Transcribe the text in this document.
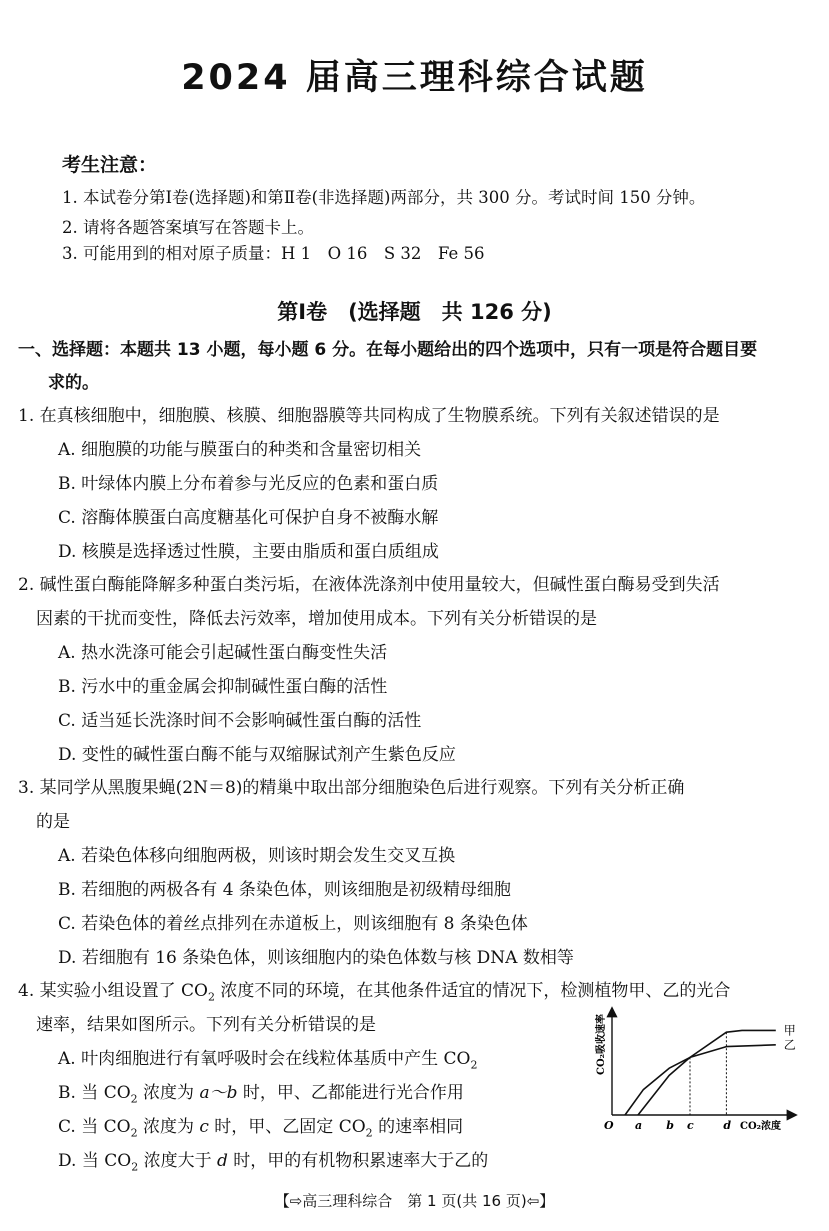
2024 届高三理科综合试题
考生注意：
1. 本试卷分第Ⅰ卷(选择题)和第Ⅱ卷(非选择题)两部分，共 300 分。考试时间 150 分钟。
2. 请将各题答案填写在答题卡上。
3. 可能用到的相对原子质量：H 1　O 16　S 32　Fe 56
第Ⅰ卷　(选择题　共 126 分)
一、选择题：本题共 13 小题，每小题 6 分。在每小题给出的四个选项中，只有一项是符合题目要
求的。
1. 在真核细胞中，细胞膜、核膜、细胞器膜等共同构成了生物膜系统。下列有关叙述错误的是
A. 细胞膜的功能与膜蛋白的种类和含量密切相关
B. 叶绿体内膜上分布着参与光反应的色素和蛋白质
C. 溶酶体膜蛋白高度糖基化可保护自身不被酶水解
D. 核膜是选择透过性膜，主要由脂质和蛋白质组成
2. 碱性蛋白酶能降解多种蛋白类污垢，在液体洗涤剂中使用量较大，但碱性蛋白酶易受到失活
因素的干扰而变性，降低去污效率，增加使用成本。下列有关分析错误的是
A. 热水洗涤可能会引起碱性蛋白酶变性失活
B. 污水中的重金属会抑制碱性蛋白酶的活性
C. 适当延长洗涤时间不会影响碱性蛋白酶的活性
D. 变性的碱性蛋白酶不能与双缩脲试剂产生紫色反应
3. 某同学从黑腹果蝇(2N＝8)的精巢中取出部分细胞染色后进行观察。下列有关分析正确
的是
A. 若染色体移向细胞两极，则该时期会发生交叉互换
B. 若细胞的两极各有 4 条染色体，则该细胞是初级精母细胞
C. 若染色体的着丝点排列在赤道板上，则该细胞有 8 条染色体
D. 若细胞有 16 条染色体，则该细胞内的染色体数与核 DNA 数相等
4. 某实验小组设置了 $CO_2$ 浓度不同的环境，在其他条件适宜的情况下，检测植物甲、乙的光合
速率，结果如图所示。下列有关分析错误的是
A. 叶肉细胞进行有氧呼吸时会在线粒体基质中产生 $CO_2$
B. 当 $CO_2$ 浓度为 a～b 时，甲、乙都能进行光合作用
C. 当 $CO_2$ 浓度为 c 时，甲、乙固定 $CO_2$ 的速率相同
D. 当 $CO_2$ 浓度大于 d 时，甲的有机物积累速率大于乙的
CO₂吸收速率	甲
乙
a b c	d
O	CO₂浓度
【⇨高三理科综合　第 1 页(共 16 页)⇦】
